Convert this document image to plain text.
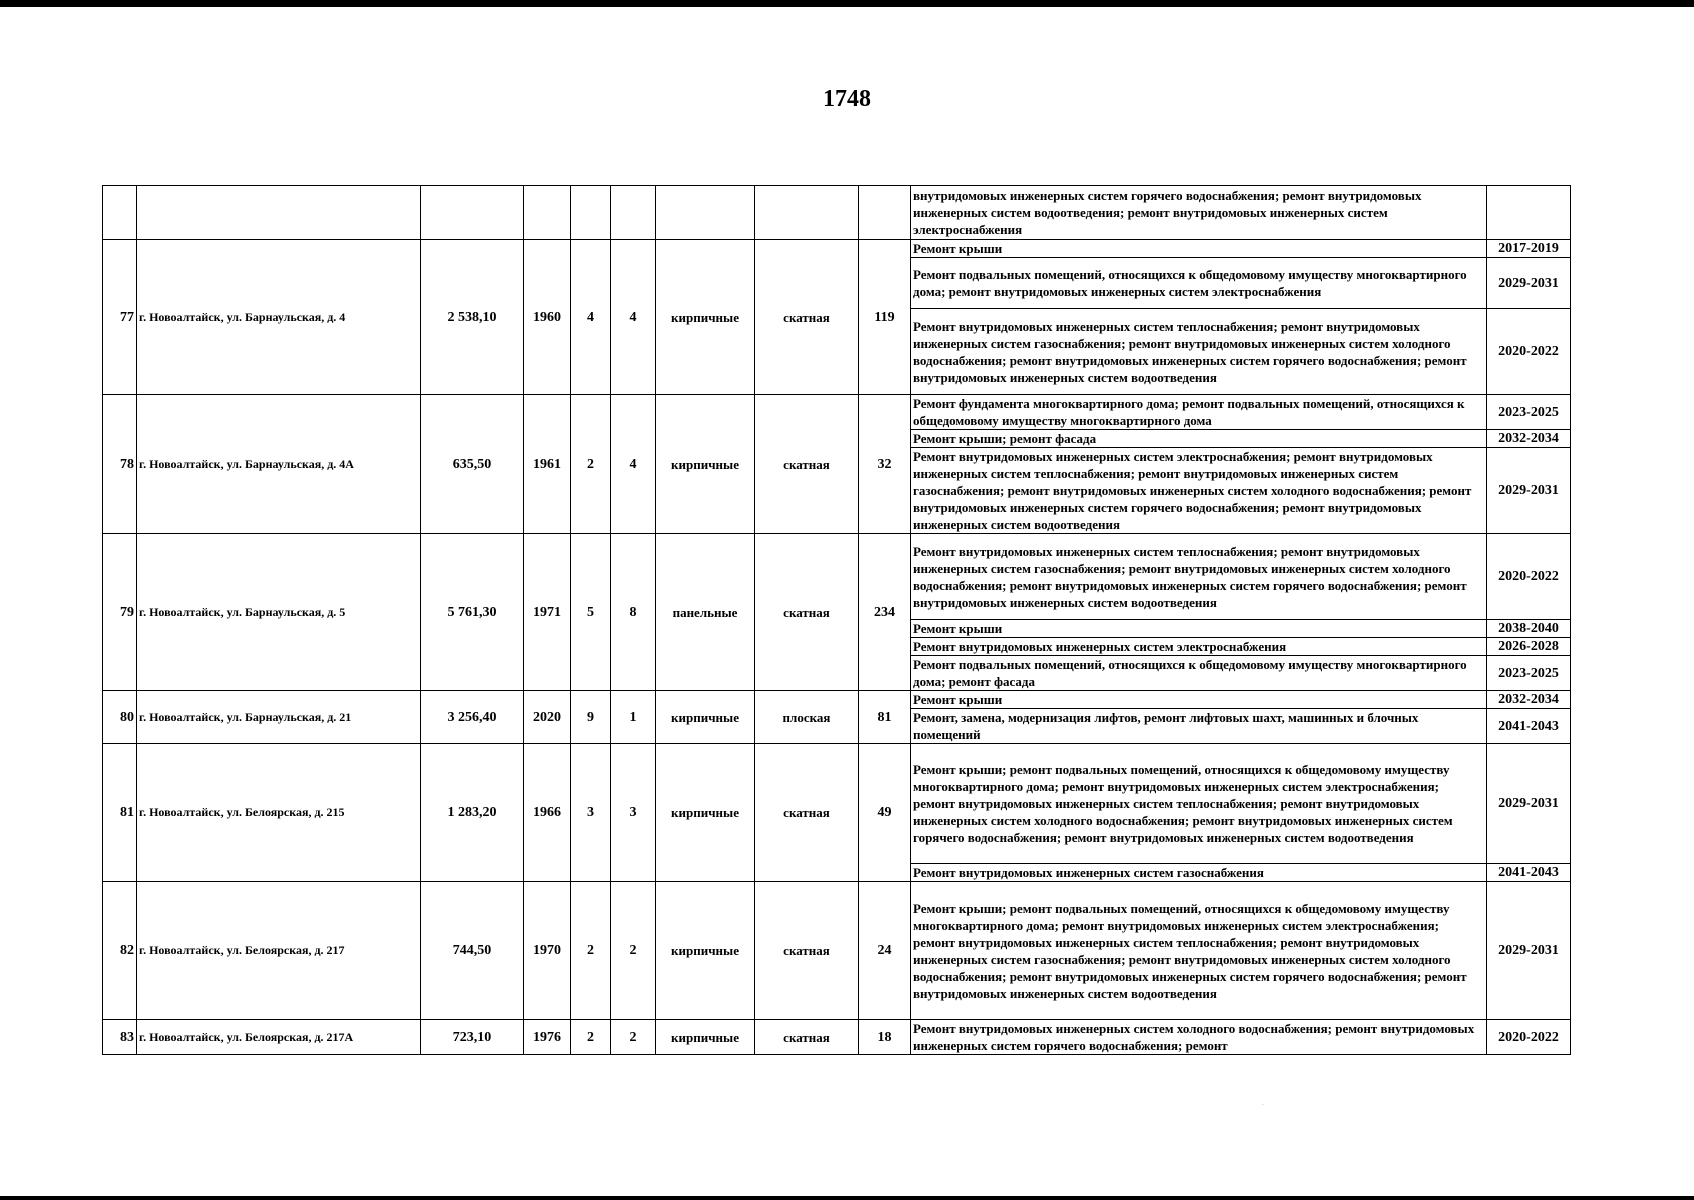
1748
									внутридомовых инженерных систем горячего водоснабжения; ремонт внутридомовых инженерных систем водоотведения; ремонт внутридомовых инженерных систем электроснабжения	
77	г. Новоалтайск, ул. Барнаульская, д. 4	2 538,10	1960	4	4	кирпичные	скатная	119	Ремонт крыши	2017-2019
									Ремонт подвальных помещений, относящихся к общедомовому имуществу многоквартирного дома; ремонт внутридомовых инженерных систем электроснабжения	2029-2031
									Ремонт внутридомовых инженерных систем теплоснабжения; ремонт внутридомовых инженерных систем газоснабжения; ремонт внутридомовых инженерных систем холодного водоснабжения; ремонт внутридомовых инженерных систем горячего водоснабжения; ремонт внутридомовых инженерных систем водоотведения	2020-2022
78	г. Новоалтайск, ул. Барнаульская, д. 4А	635,50	1961	2	4	кирпичные	скатная	32	Ремонт фундамента многоквартирного дома; ремонт подвальных помещений, относящихся к общедомовому имуществу многоквартирного дома	2023-2025
									Ремонт крыши; ремонт фасада	2032-2034
									Ремонт внутридомовых инженерных систем электроснабжения; ремонт внутридомовых инженерных систем теплоснабжения; ремонт внутридомовых инженерных систем газоснабжения; ремонт внутридомовых инженерных систем холодного водоснабжения; ремонт внутридомовых инженерных систем горячего водоснабжения; ремонт внутридомовых инженерных систем водоотведения	2029-2031
79	г. Новоалтайск, ул. Барнаульская, д. 5	5 761,30	1971	5	8	панельные	скатная	234	Ремонт внутридомовых инженерных систем теплоснабжения; ремонт внутридомовых инженерных систем газоснабжения; ремонт внутридомовых инженерных систем холодного водоснабжения; ремонт внутридомовых инженерных систем горячего водоснабжения; ремонт внутридомовых инженерных систем водоотведения	2020-2022
									Ремонт крыши	2038-2040
									Ремонт внутридомовых инженерных систем электроснабжения	2026-2028
									Ремонт подвальных помещений, относящихся к общедомовому имуществу многоквартирного дома; ремонт фасада	2023-2025
80	г. Новоалтайск, ул. Барнаульская, д. 21	3 256,40	2020	9	1	кирпичные	плоская	81	Ремонт крыши	2032-2034
									Ремонт, замена, модернизация лифтов, ремонт лифтовых шахт, машинных и блочных помещений	2041-2043
81	г. Новоалтайск, ул. Белоярская, д. 215	1 283,20	1966	3	3	кирпичные	скатная	49	Ремонт крыши; ремонт подвальных помещений, относящихся к общедомовому имуществу многоквартирного дома; ремонт внутридомовых инженерных систем электроснабжения; ремонт внутридомовых инженерных систем теплоснабжения; ремонт внутридомовых инженерных систем холодного водоснабжения; ремонт внутридомовых инженерных систем горячего водоснабжения; ремонт внутридомовых инженерных систем водоотведения	2029-2031
									Ремонт внутридомовых инженерных систем газоснабжения	2041-2043
82	г. Новоалтайск, ул. Белоярская, д. 217	744,50	1970	2	2	кирпичные	скатная	24	Ремонт крыши; ремонт подвальных помещений, относящихся к общедомовому имуществу многоквартирного дома; ремонт внутридомовых инженерных систем электроснабжения; ремонт внутридомовых инженерных систем теплоснабжения; ремонт внутридомовых инженерных систем газоснабжения; ремонт внутридомовых инженерных систем холодного водоснабжения; ремонт внутридомовых инженерных систем горячего водоснабжения; ремонт внутридомовых инженерных систем водоотведения	2029-2031
83	г. Новоалтайск, ул. Белоярская, д. 217А	723,10	1976	2	2	кирпичные	скатная	18	Ремонт внутридомовых инженерных систем холодного водоснабжения; ремонт внутридомовых инженерных систем горячего водоснабжения; ремонт	2020-2022
.
